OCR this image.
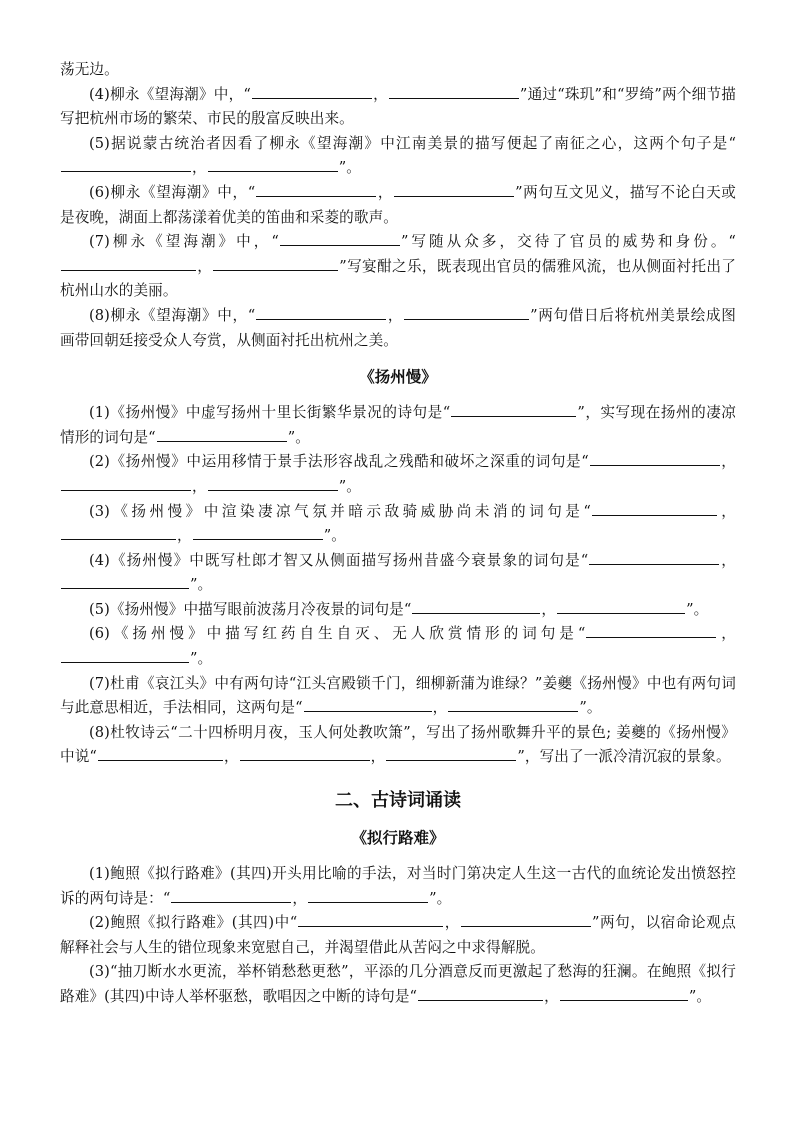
荡无边。

(4)柳永《望海潮》中，“	，	”通过“珠玑”和“罗绮”两个细节描写把杭州市场的繁荣、市民的殷富反映出来。

(5)据说蒙古统治者因看了柳永《望海潮》中江南美景的描写便起了南征之心，这两个句子是“，	”。

(6)柳永《望海潮》中，“	，	”两句互文见义，描写不论白天或是夜晚，湖面上都荡漾着优美的笛曲和采菱的歌声。

(7)柳永《望海潮》中，“	”写随从众多，交待了官员的威势和身份。“，	”写宴酣之乐，既表现出官员的儒雅风流，也从侧面衬托出了杭州山水的美丽。

(8)柳永《望海潮》中，“	，	”两句借日后将杭州美景绘成图画带回朝廷接受众人夸赏，从侧面衬托出杭州之美。

《扬州慢》

(1)《扬州慢》中虚写扬州十里长街繁华景况的诗句是“	”，实写现在扬州的凄凉情形的词句是“	”。

(2)《扬州慢》中运用移情于景手法形容战乱之残酷和破坏之深重的词句是“	，，	”。

(3)《扬州慢》中渲染凄凉气氛并暗示敌骑威胁尚未消的词句是“	，，	”。

(4)《扬州慢》中既写杜郎才智又从侧面描写扬州昔盛今衰景象的词句是“	，”。

(5)《扬州慢》中描写眼前波荡月冷夜景的词句是“	，	”。

(6)《扬州慢》中描写红药自生自灭、无人欣赏情形的词句是“	，”。

(7)杜甫《哀江头》中有两句诗“江头宫殿锁千门，细柳新蒲为谁绿？”姜夔《扬州慢》中也有两句词与此意思相近，手法相同，这两句是“	，	”。

(8)杜牧诗云“二十四桥明月夜，玉人何处教吹箫”，写出了扬州歌舞升平的景色; 姜夔的《扬州慢》中说“	，	，	”，写出了一派冷清沉寂的景象。

二、古诗词诵读
《拟行路难》

(1)鲍照《拟行路难》(其四)开头用比喻的手法，对当时门第决定人生这一古代的血统论发出愤怒控诉的两句诗是：“	，	”。

(2)鲍照《拟行路难》(其四)中“	，	”两句，以宿命论观点解释社会与人生的错位现象来宽慰自己，并渴望借此从苦闷之中求得解脱。

(3)“抽刀断水水更流，举杯销愁愁更愁”，平添的几分酒意反而更激起了愁海的狂澜。在鲍照《拟行路难》(其四)中诗人举杯驱愁，歌唱因之中断的诗句是“	，	”。
